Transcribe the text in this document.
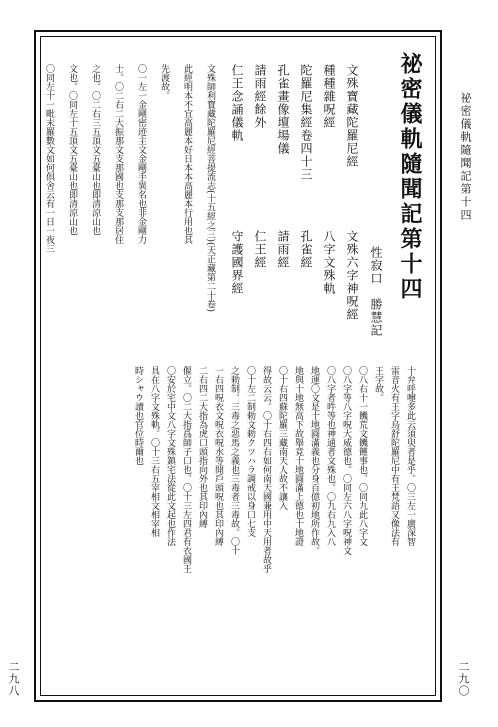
祕密儀軌隨聞記第十四
二九〇
二九八
祕密儀軌隨聞記第十四
性寂口　勝慧記
文殊寶藏陀羅尼經
文殊六字神呪經
種種雜呪經
八字文殊軌
陀羅尼集經卷四十三
孔雀經
孔雀畫像壇場儀
請雨經
請雨經餘外
仁王經
仁王念誦儀軌
守護國界經
文殊師利寶藏陀羅尼經菩提流志(十五經之三)(天正藏第二十卷)
此經明本不宜高麗本好日本本高麗本行用也其
先渡故。
〇一左一金剛密迹主文金剛手異名也非金剛力
士。〇二右二大振那文支那國也支那支那居住
之也。〇二右三五頂文五臺山也即清涼山也
文也。〇同左十五頂文五臺山也即清涼山也
〇同左十一毗末羅數文如何俱舍云有一日一夜三
十弁呼嚏多此云須臾者是乎。〇三左一廣深智
雷音火有王字烏舒陀羅尼中有王梵語又像法有
王字故。
〇八右十一饑荒文饑饉事也。〇同九此八字文
〇八字等八字呪大威德也。〇同左六八字呪神文
〇八字者吽等也神通者文殊也。〇九右九入八
地運〇文是十地圓滿義也分身百億初地所作故。
地與十地無高下故舉竟十地圓滿上德也十地證
〇十右四蘇陀羅三藏南天人故不讓入
得故云云。〇十右四右如何南天國兼用中天用者故乎
〇十左二制勅文勅クツハラ調戒以身口七支
之勅制。三毒之惡馬之義也三毒者三毒故。〇十
一右四呪衣文呪衣呪水等開戶頭呪也其印內縛
二右四二大指為虎口頭指向外也其印內縛
偃立。〇二大指爲師子口也。〇十三左四君有衣國王
〇安於宅中文八字文殊鎮宅法從此文起也作法
具在八字文殊軌。〇十三右五宰相文相宰相
時シャウ讀也官位時爾也
